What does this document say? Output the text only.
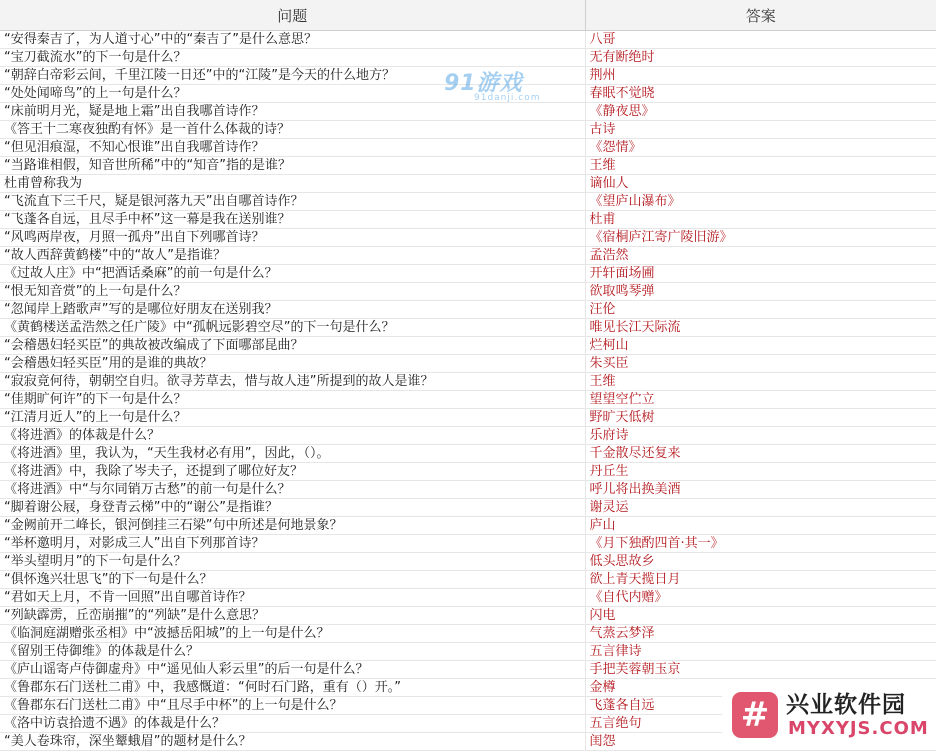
问题	答案
“安得秦吉了，为人道寸心”中的“秦吉了”是什么意思？	八哥
“宝刀截流水”的下一句是什么？	无有断绝时
“朝辞白帝彩云间，千里江陵一日还”中的“江陵”是今天的什么地方？	荆州
“处处闻啼鸟”的上一句是什么？	春眠不觉晓
“床前明月光，疑是地上霜”出自我哪首诗作？	《静夜思》
《答王十二寒夜独酌有怀》是一首什么体裁的诗？	古诗
“但见泪痕湿，不知心恨谁”出自我哪首诗作？	《怨情》
“当路谁相假，知音世所稀”中的“知音”指的是谁？	王维
杜甫曾称我为	谪仙人
“飞流直下三千尺，疑是银河落九天”出自哪首诗作？	《望庐山瀑布》
“飞蓬各自远，且尽手中杯”这一幕是我在送别谁？	杜甫
“风鸣两岸夜，月照一孤舟”出自下列哪首诗？	《宿桐庐江寄广陵旧游》
“故人西辞黄鹤楼”中的“故人”是指谁？	孟浩然
《过故人庄》中“把酒话桑麻”的前一句是什么？	开轩面场圃
“恨无知音赏”的上一句是什么？	欲取鸣琴弹
“忽闻岸上踏歌声”写的是哪位好朋友在送别我？	汪伦
《黄鹤楼送孟浩然之任广陵》中“孤帆远影碧空尽”的下一句是什么？	唯见长江天际流
“会稽愚妇轻买臣”的典故被改编成了下面哪部昆曲？	烂柯山
“会稽愚妇轻买臣”用的是谁的典故？	朱买臣
“寂寂竟何待，朝朝空自归。欲寻芳草去，惜与故人违”所提到的故人是谁？	王维
“佳期旷何许”的下一句是什么？	望望空伫立
“江清月近人”的上一句是什么？	野旷天低树
《将进酒》的体裁是什么？	乐府诗
《将进酒》里，我认为，“天生我材必有用”，因此，（）。	千金散尽还复来
《将进酒》中，我除了岑夫子，还提到了哪位好友？	丹丘生
《将进酒》中“与尔同销万古愁”的前一句是什么？	呼儿将出换美酒
“脚着谢公屐，身登青云梯”中的“谢公”是指谁？	谢灵运
“金阙前开二峰长，银河倒挂三石梁”句中所述是何地景象？	庐山
“举杯邀明月，对影成三人”出自下列那首诗？	《月下独酌四首·其一》
“举头望明月”的下一句是什么？	低头思故乡
“俱怀逸兴壮思飞”的下一句是什么？	欲上青天揽日月
“君如天上月，不肯一回照”出自哪首诗作？	《自代内赠》
“列缺霹雳，丘峦崩摧”的“列缺”是什么意思？	闪电
《临洞庭湖赠张丞相》中“波撼岳阳城”的上一句是什么？	气蒸云梦泽
《留别王侍御维》的体裁是什么？	五言律诗
《庐山谣寄卢侍御虚舟》中“遥见仙人彩云里”的后一句是什么？	手把芙蓉朝玉京
《鲁郡东石门送杜二甫》中，我感慨道：“何时石门路，重有（）开。”	金樽
《鲁郡东石门送杜二甫》中“且尽手中杯”的上一句是什么？	飞蓬各自远
《洛中访袁拾遗不遇》的体裁是什么？	五言绝句
“美人卷珠帘，深坐颦蛾眉”的题材是什么？	闺怨
91游戏
91danji.com
# 兴业软件园
MYXYJS.COM
